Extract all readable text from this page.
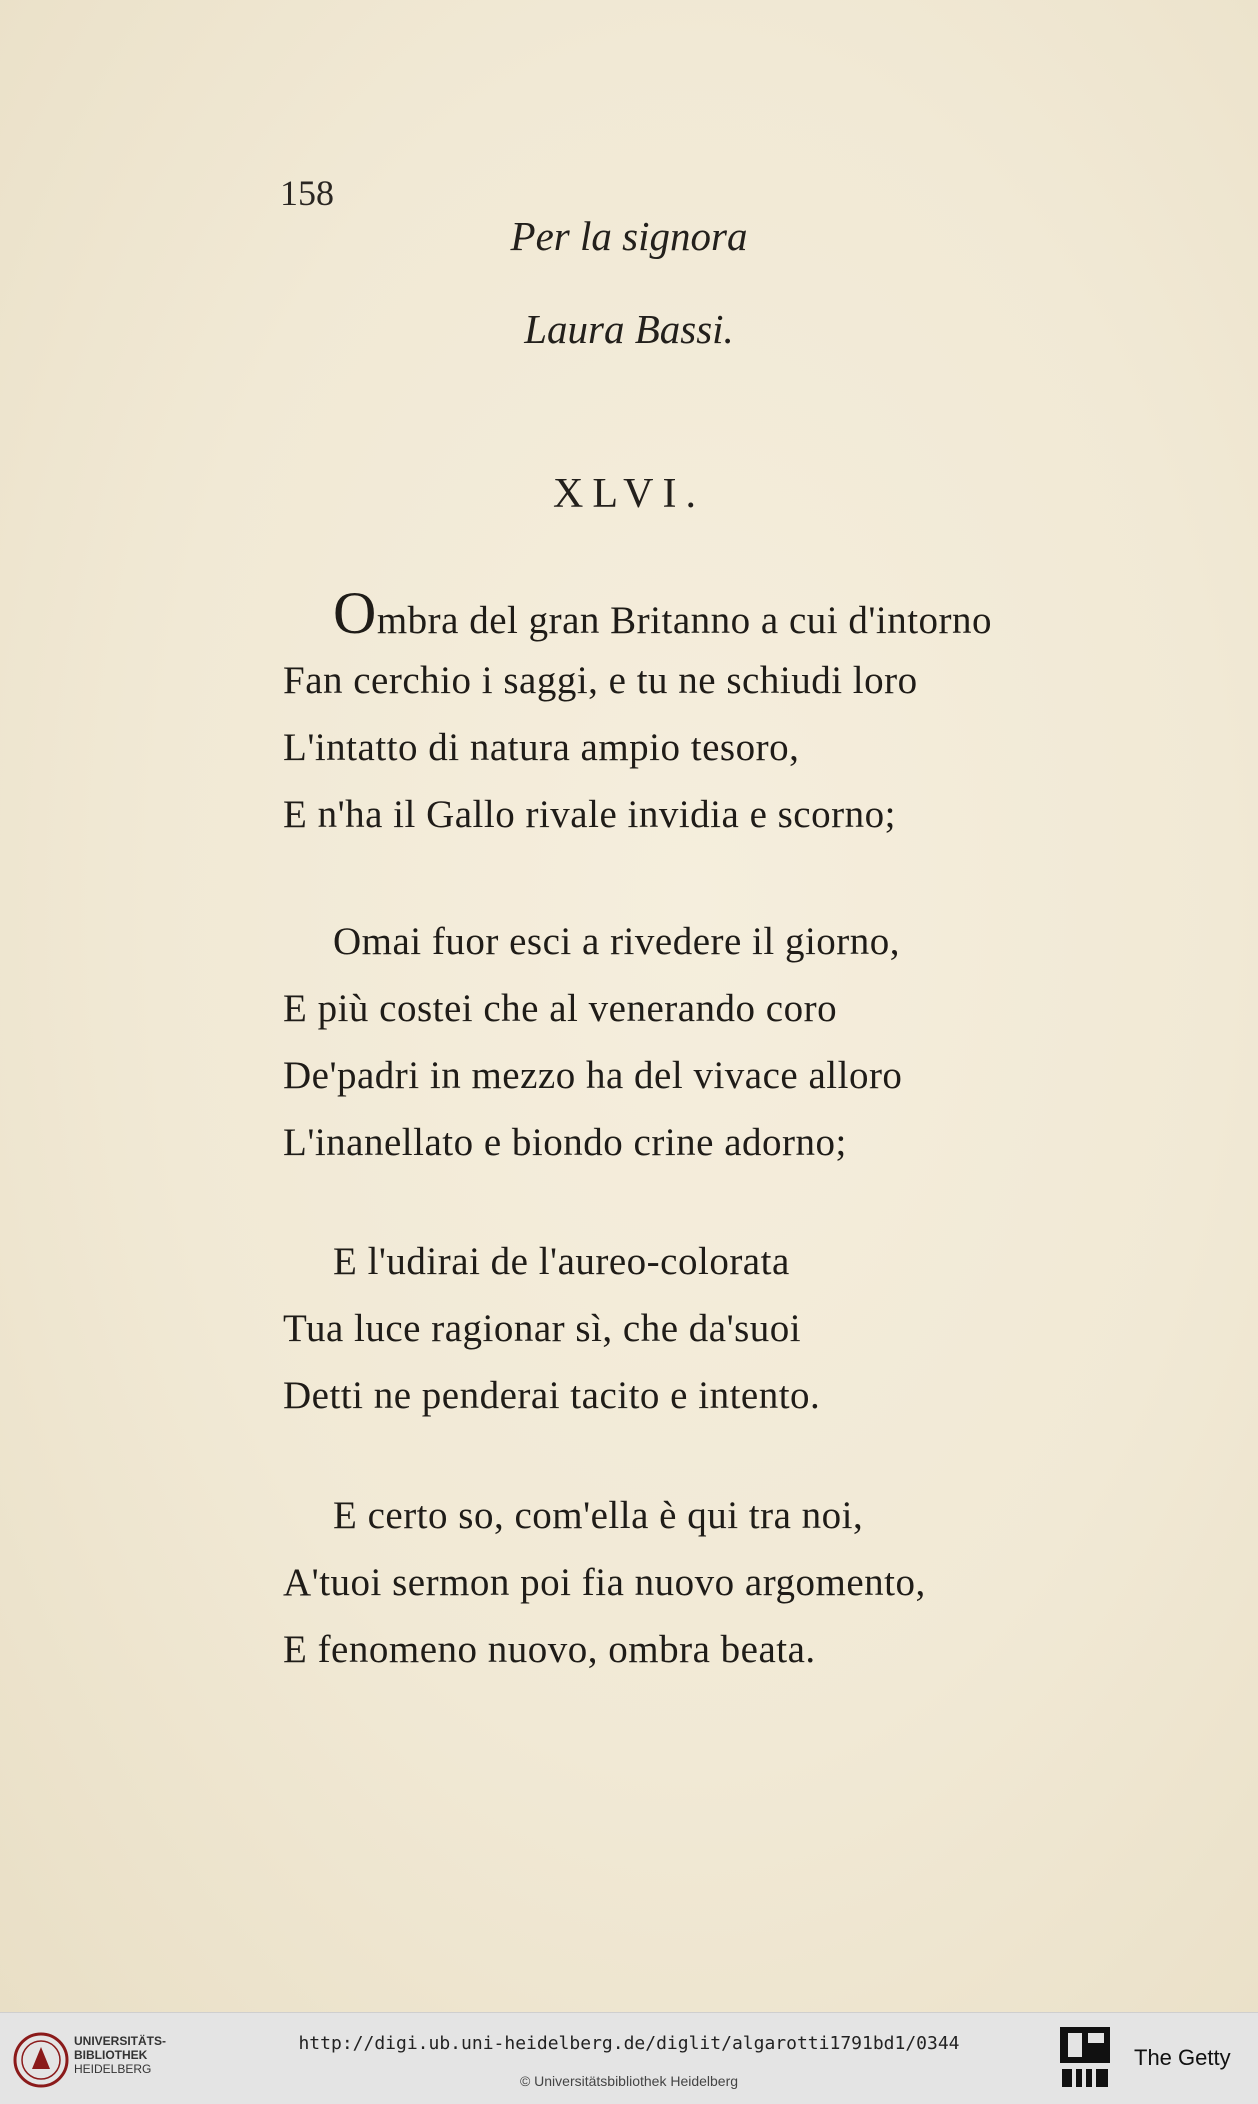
158
Per la signora
Laura Bassi.
XLVI.
Ombra del gran Britanno a cui d'intorno
Fan cerchio i saggi, e tu ne schiudi loro
L'intatto di natura ampio tesoro,
E n'ha il Gallo rivale invidia e scorno;
Omai fuor esci a rivedere il giorno,
E più costei che al venerando coro
De'padri in mezzo ha del vivace alloro
L'inanellato e biondo crine adorno;
E l'udirai de l'aureo-colorata
Tua luce ragionar sì, che da'suoi
Detti ne penderai tacito e intento.
E certo so, com'ella è qui tra noi,
A'tuoi sermon poi fia nuovo argomento,
E fenomeno nuovo, ombra beata.
UNIVERSITÄTS-
BIBLIOTHEK
HEIDELBERG
http://digi.ub.uni-heidelberg.de/diglit/algarotti1791bd1/0344
© Universitätsbibliothek Heidelberg
The Getty
